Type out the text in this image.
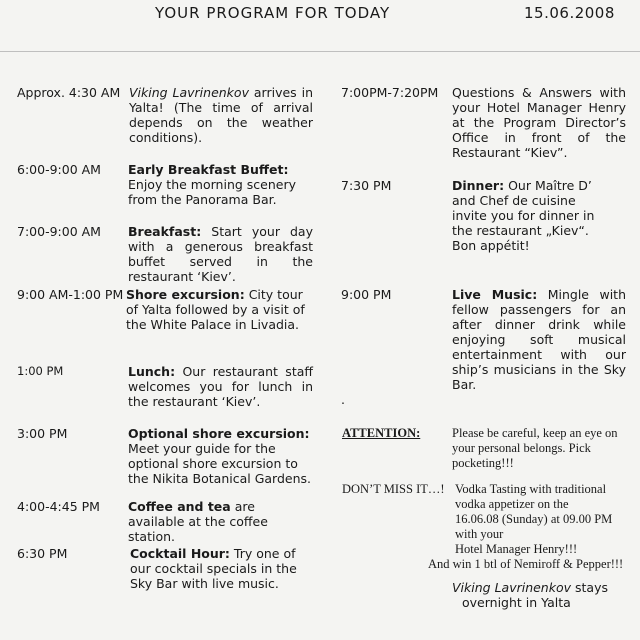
YOUR PROGRAM FOR TODAY	15.06.2008
Approx. 4:30 AM Viking Lavrinenkov arrives in Yalta! (The time of arrival depends on the weather conditions).
6:00-9:00 AM Early Breakfast Buffet: Enjoy the morning scenery from the Panorama Bar.
7:00-9:00 AM Breakfast: Start your day with a generous breakfast buffet served in the restaurant ‘Kiev’.
9:00 AM-1:00 PM Shore excursion: City tour of Yalta followed by a visit of the White Palace in Livadia.
1:00 PM	Lunch: Our restaurant staff welcomes you for lunch in the restaurant ‘Kiev’.
3:00 PM	Optional shore excursion: Meet your guide for the optional shore excursion to the Nikita Botanical Gardens.
4:00-4:45 PM Coffee and tea are available at the coffee station.
6:30 PM	Cocktail Hour: Try one of our cocktail specials in the Sky Bar with live music.
7:00PM-7:20PM Questions & Answers with your Hotel Manager Henry at the Program Director’s Office in front of the Restaurant “Kiev”.
7:30 PM	Dinner: Our Maître D’ and Chef de cuisine invite you for dinner in the restaurant „Kiev“. Bon appétit!
9:00 PM	Live Music: Mingle with fellow passengers for an after dinner drink while enjoying soft musical entertainment with our ship’s musicians in the Sky Bar.
.
ATTENTION:	Please be careful, keep an eye on your personal belongs. Pick pocketing!!!
DON’T MISS IT…! Vodka Tasting with traditional
vodka appetizer on the
16.06.08 (Sunday) at 09.00 PM
with your
Hotel Manager Henry!!!
And win 1 btl of Nemiroff & Pepper!!!
Viking Lavrinenkov stays
overnight in Yalta
